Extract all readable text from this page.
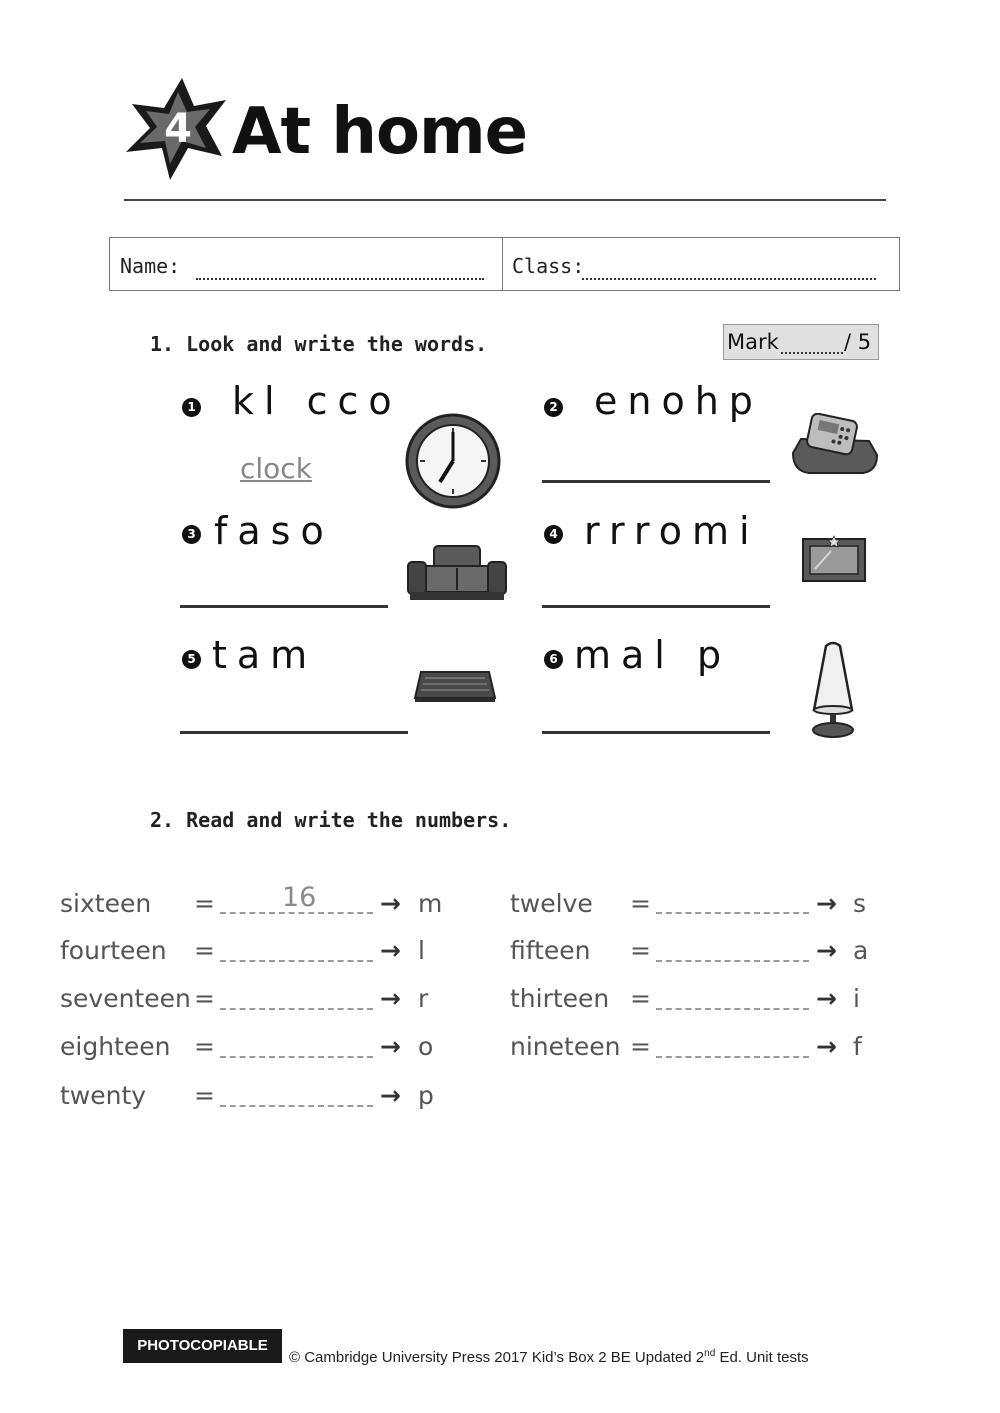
4 At home
Name:	Class:
1. Look and write the words.	Mark	/ 5
1 kl cco
clock
2 enohp
3 faso	4 rrromi
5 tam	6 mal p
2. Read and write the numbers.
sixteen = 16	→ m
fourteen =	→ l
seventeen =	→ r
eighteen =	→ o
twenty =	→ p
twelve =	→ s
fifteen =	→ a
thirteen =	→ i
nineteen =	→ f
PHOTOCOPIABLE
© Cambridge University Press 2017 Kid’s Box 2 BE Updated 2nd Ed. Unit tests
